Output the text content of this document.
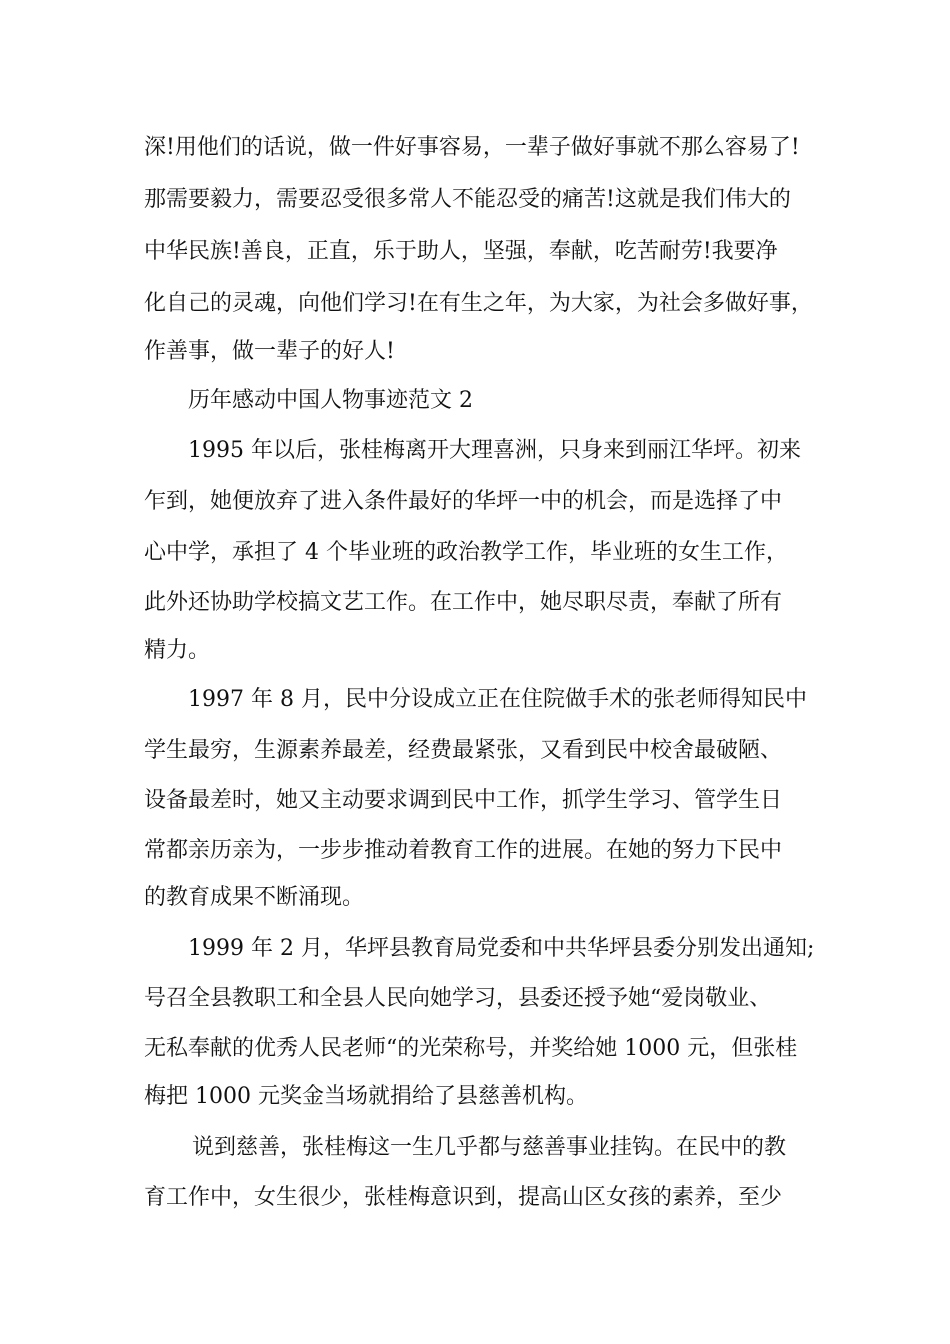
深!用他们的话说，做一件好事容易，一辈子做好事就不那么容易了!
那需要毅力，需要忍受很多常人不能忍受的痛苦!这就是我们伟大的
中华民族!善良，正直，乐于助人，坚强，奉献，吃苦耐劳!我要净
化自己的灵魂，向他们学习!在有生之年，为大家，为社会多做好事，
作善事，做一辈子的好人!
历年感动中国人物事迹范文 2
1995 年以后，张桂梅离开大理喜洲，只身来到丽江华坪。初来
乍到，她便放弃了进入条件最好的华坪一中的机会，而是选择了中
心中学，承担了 4 个毕业班的政治教学工作，毕业班的女生工作，
此外还协助学校搞文艺工作。在工作中，她尽职尽责，奉献了所有
精力。
1997 年 8 月，民中分设成立正在住院做手术的张老师得知民中
学生最穷，生源素养最差，经费最紧张，又看到民中校舍最破陋、
设备最差时，她又主动要求调到民中工作，抓学生学习、管学生日
常都亲历亲为，一步步推动着教育工作的进展。在她的努力下民中
的教育成果不断涌现。
1999 年 2 月，华坪县教育局党委和中共华坪县委分别发出通知;
号召全县教职工和全县人民向她学习，县委还授予她“爱岗敬业、
无私奉献的优秀人民老师“的光荣称号，并奖给她 1000 元，但张桂
梅把 1000 元奖金当场就捐给了县慈善机构。
说到慈善，张桂梅这一生几乎都与慈善事业挂钩。在民中的教
育工作中，女生很少，张桂梅意识到，提高山区女孩的素养，至少
